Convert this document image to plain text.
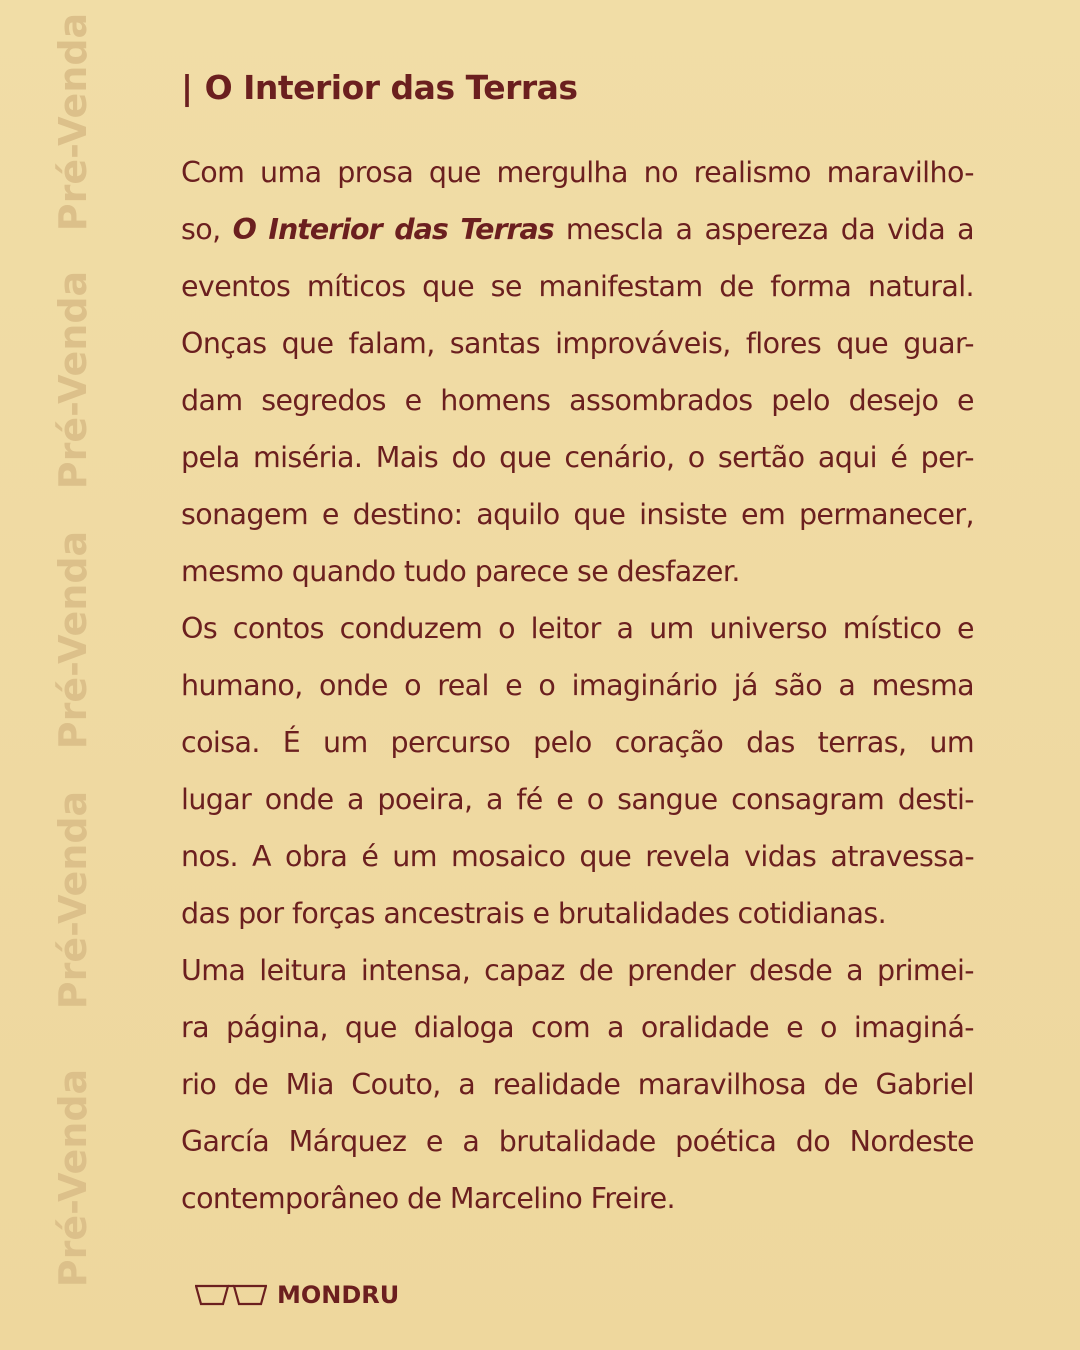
Pré-Venda
Pré-Venda
Pré-Venda
Pré-Venda
Pré-Venda
| O Interior das Terras
Com uma prosa que mergulha no realismo maravilho-
so, O Interior das Terras mescla a aspereza da vida a
eventos míticos que se manifestam de forma natural.
Onças que falam, santas improváveis, flores que guar-
dam segredos e homens assombrados pelo desejo e
pela miséria. Mais do que cenário, o sertão aqui é per-
sonagem e destino: aquilo que insiste em permanecer,
mesmo quando tudo parece se desfazer.
Os contos conduzem o leitor a um universo místico e
humano, onde o real e o imaginário já são a mesma
coisa. É um percurso pelo coração das terras, um
lugar onde a poeira, a fé e o sangue consagram desti-
nos. A obra é um mosaico que revela vidas atravessa-
das por forças ancestrais e brutalidades cotidianas.
Uma leitura intensa, capaz de prender desde a primei-
ra página, que dialoga com a oralidade e o imaginá-
rio de Mia Couto, a realidade maravilhosa de Gabriel
García Márquez e a brutalidade poética do Nordeste
contemporâneo de Marcelino Freire.
MONDRU
